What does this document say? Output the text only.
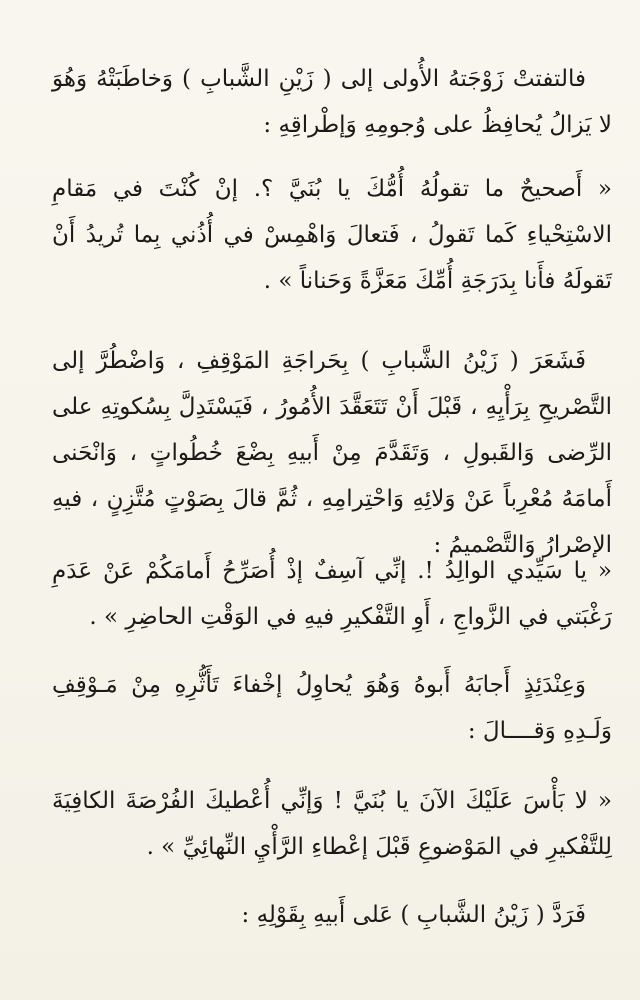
فالتفتتْ زَوْجَتهُ الأُولى إلى ( زَيْنِ الشَّبابِ ) وَخاطَبَتْهُ وَهُوَ لا يَزالُ يُحافِظُ على وُجومِهِ وَإطْراقِهِ :

« أَصحيحٌ ما تقولُهُ أُمُّكَ يا بُنَيَّ ؟. إنْ كُنْتَ في مَقامِ الاسْتِحْياءِ كَما تَقولُ ، فَتعالَ وَاهْمِسْ في أُذُني بِما تُريدُ أَنْ تَقولَهُ فأَنا بِدَرَجَةِ أُمِّكَ مَعَزَّةً وَحَناناً » .

فَشَعَرَ ( زَيْنُ الشَّبابِ ) بِحَراجَةِ المَوْقِفِ ، وَاضْطُرَّ إلى التَّصْريحِ بِرَأْيِهِ ، قَبْلَ أَنْ تَتَعَقَّدَ الأُمُورُ ، فَيَسْتَدِلَّ بِسُكوتِهِ على الرِّضى وَالقَبولِ ، وَتَقَدَّمَ مِنْ أَبيهِ بِضْعَ خُطُواتٍ ، وَانْحَنى أَمامَهُ مُعْرِباً عَنْ وَلائِهِ وَاحْتِرامِهِ ، ثُمَّ قالَ بِصَوْتٍ مُتَّزِنٍ ، فيهِ الإصْرارُ وَالتَّصْميمُ :

« يا سَيِّدي الوالِدُ !. إنِّي آسِفٌ إذْ أُصَرِّحُ أَمامَكُمْ عَنْ عَدَمِ رَغْبَتي في الزَّواجِ ، أَوِ التَّفْكيرِ فيهِ في الوَقْتِ الحاضِرِ » .

وَعِنْدَئِذٍ أَجابَهُ أَبوهُ وَهُوَ يُحاوِلُ إخْفاءَ تَأَثُّرِهِ مِنْ مَـوْقِفِ وَلَـدِهِ وَقــــالَ :

« لا بَأْسَ عَلَيْكَ الآنَ يا بُنَيَّ ! وَإنِّي أُعْطيكَ الفُرْصَةَ الكافِيَةَ لِلتَّفْكيرِ في المَوْضوعِ قَبْلَ إعْطاءِ الرَّأْيِ النِّهائِيِّ » .

فَرَدَّ ( زَيْنُ الشَّبابِ ) عَلى أَبيهِ بِقَوْلِهِ :
